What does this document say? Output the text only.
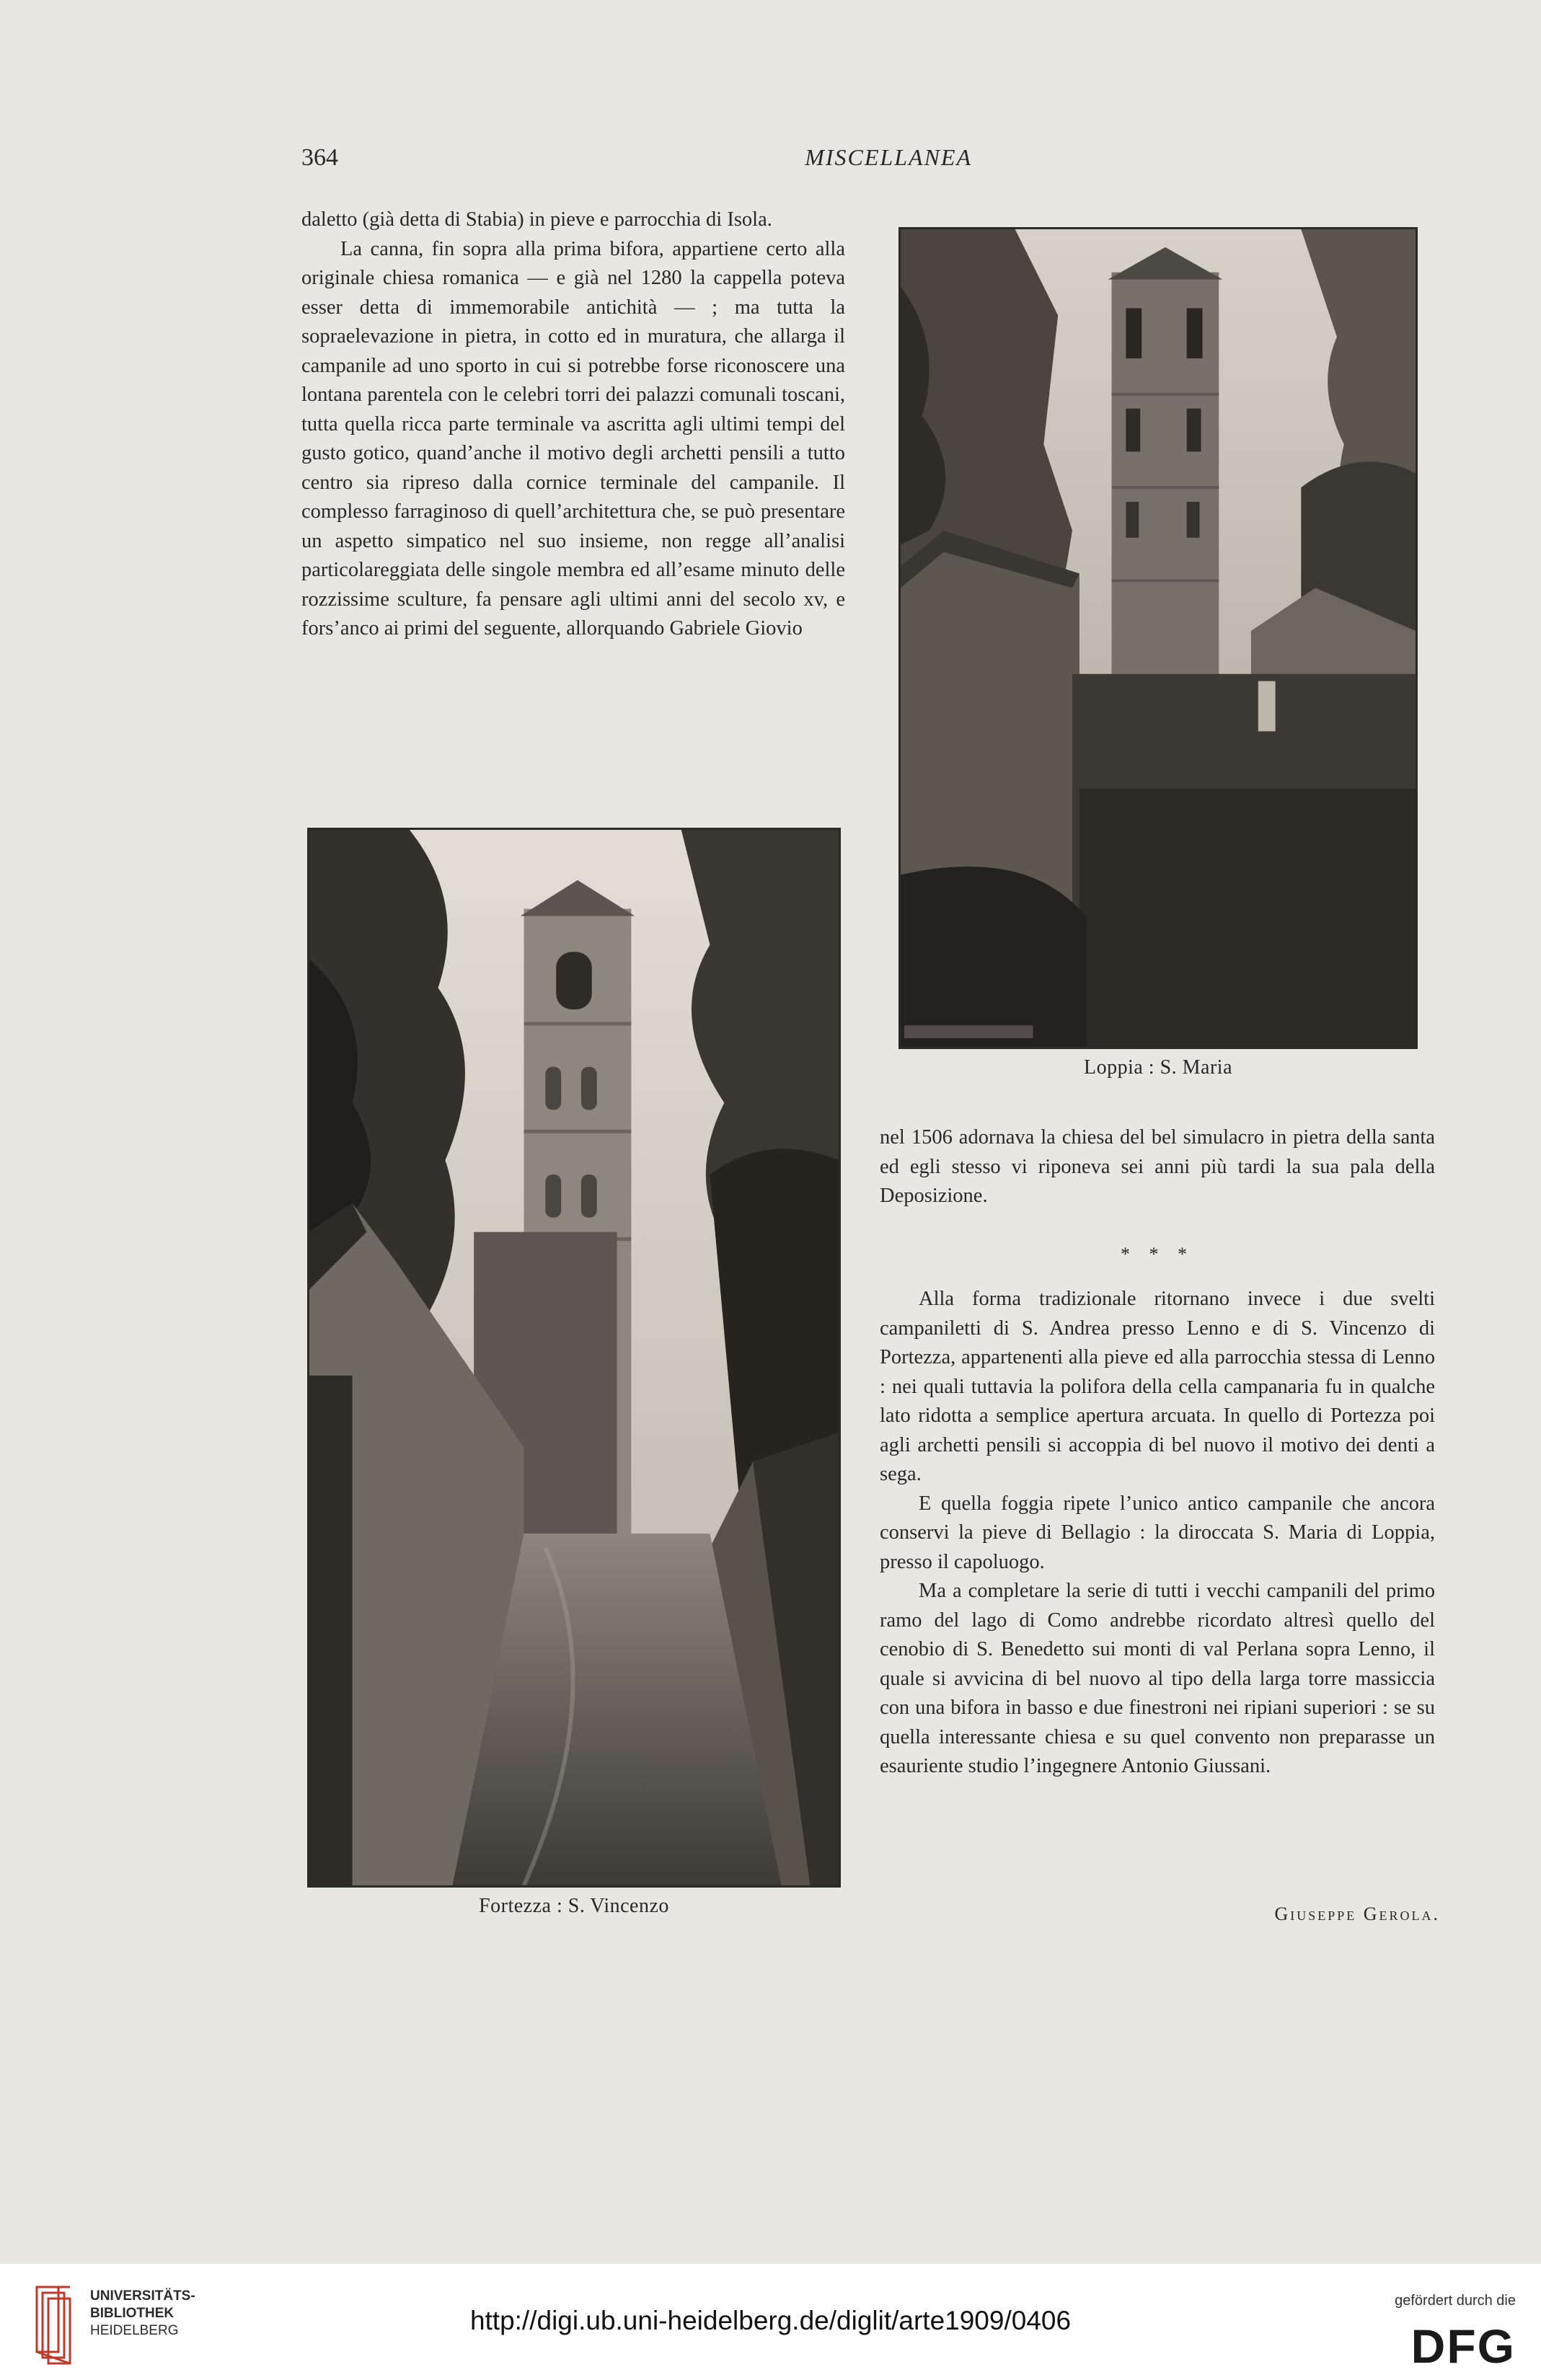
364	MISCELLANEA

daletto (già detta di Stabia) in pieve e parrocchia di Isola.

La canna, fin sopra alla prima bifora, appartiene certo alla originale chiesa romanica — e già nel 1280 la cappella poteva esser detta di immemorabile antichità — ; ma tutta la sopraelevazione in pietra, in cotto ed in muratura, che allarga il campanile ad uno sporto in cui si potrebbe forse riconoscere una lontana parentela con le celebri torri dei palazzi comunali toscani, tutta quella ricca parte terminale va ascritta agli ultimi tempi del gusto gotico, quand’anche il motivo degli archetti pensili a tutto centro sia ripreso dalla cornice terminale del campanile. Il complesso farraginoso di quell’architettura che, se può presentare un aspetto simpatico nel suo insieme, non regge all’analisi particolareggiata delle singole membra ed all’esame minuto delle rozzissime sculture, fa pensare agli ultimi anni del secolo xv, e fors’anco ai primi del seguente, allorquando Gabriele Giovio

Loppia : S. Maria
Fortezza : S. Vincenzo

nel 1506 adornava la chiesa del bel simulacro in pietra della santa ed egli stesso vi riponeva sei anni più tardi la sua pala della Deposizione.

* * *

Alla forma tradizionale ritornano invece i due svelti campaniletti di S. Andrea presso Lenno e di S. Vincenzo di Portezza, appartenenti alla pieve ed alla parrocchia stessa di Lenno : nei quali tuttavia la polifora della cella campanaria fu in qualche lato ridotta a semplice apertura arcuata. In quello di Portezza poi agli archetti pensili si accoppia di bel nuovo il motivo dei denti a sega.

E quella foggia ripete l’unico antico campanile che ancora conservi la pieve di Bellagio : la diroccata S. Maria di Loppia, presso il capoluogo.

Ma a completare la serie di tutti i vecchi campanili del primo ramo del lago di Como andrebbe ricordato altresì quello del cenobio di S. Benedetto sui monti di val Perlana sopra Lenno, il quale si avvicina di bel nuovo al tipo della larga torre massiccia con una bifora in basso e due finestroni nei ripiani superiori : se su quella interessante chiesa e su quel convento non preparasse un esauriente studio l’ingegnere Antonio Giussani.

Giuseppe Gerola.
UNIVERSITÄTS-
BIBLIOTHEK
HEIDELBERG	http://digi.ub.uni-heidelberg.de/diglit/arte1909/0406
gefördert durch die
DFG
